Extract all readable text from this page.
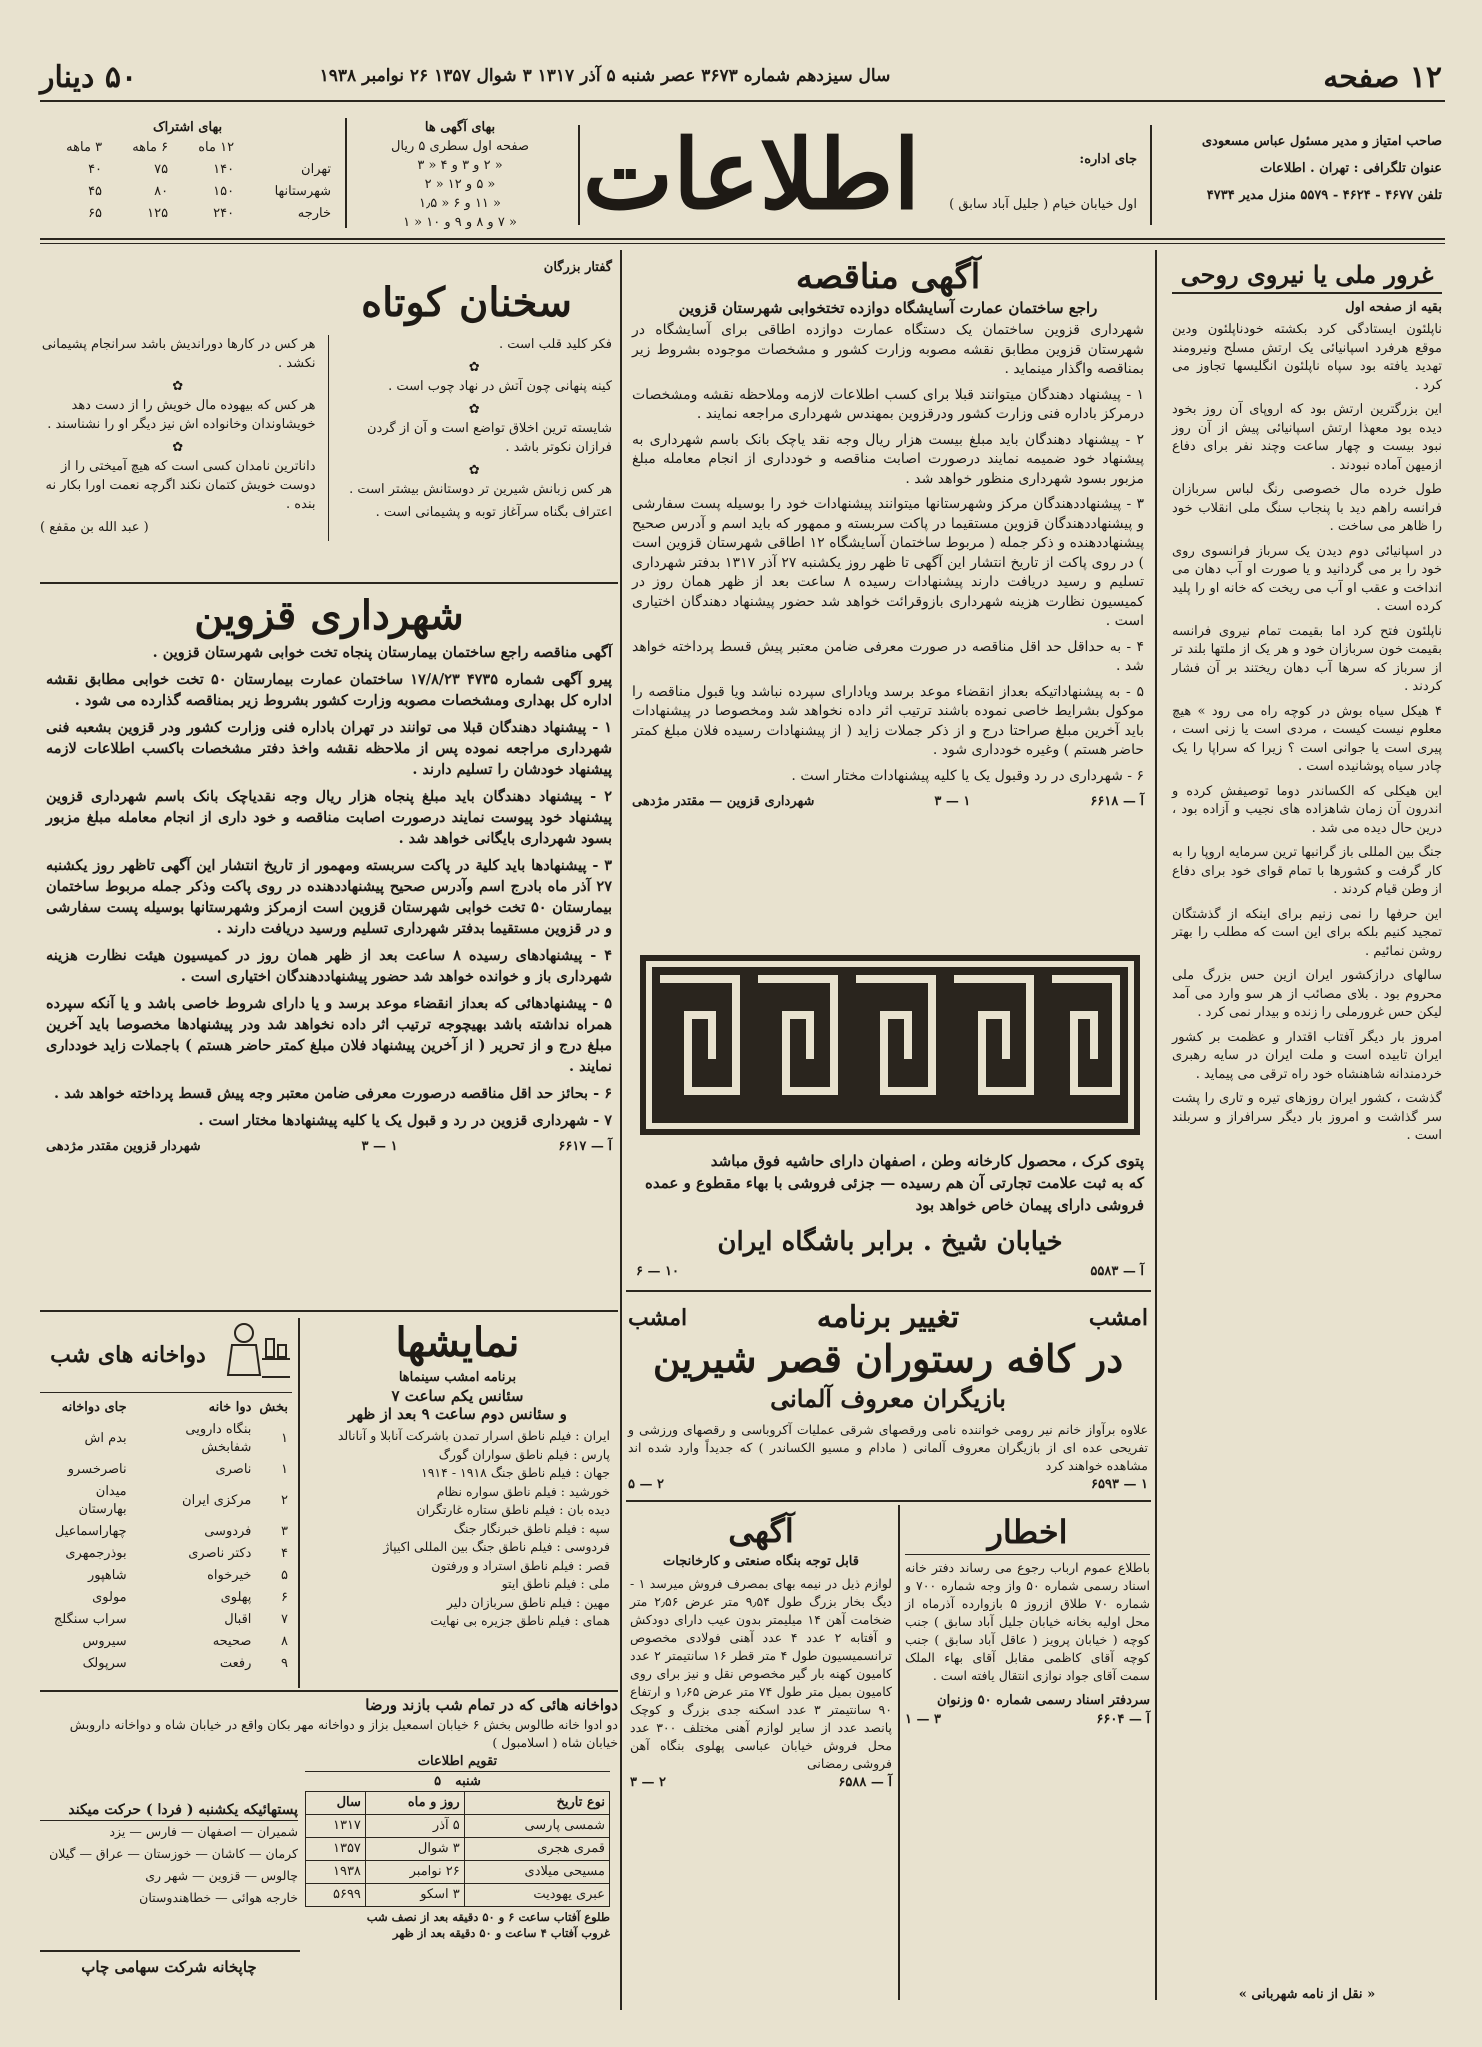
۱۲ صفحه
۵۰ دینار	سال سیزدهم شماره ۳۶۷۳ عصر شنبه ۵ آذر ۱۳۱۷ ۳ شوال ۱۳۵۷ ۲۶ نوامبر ۱۹۳۸
صاحب امتیاز و مدیر مسئول عباس مسعودی
عنوان تلگرافی : تهران . اطلاعات
تلفن ۴۶۷۷ - ۴۶۲۴ - ۵۵۷۹ منزل مدیر ۴۷۳۴
جای اداره:
اول خیابان خیام ( جلیل آباد سابق )
اطلاعات
بهای آگهی ها
صفحه اول سطری ۵ ریال
« ۲ و ۳ و ۴ « ۳
« ۵ و ۱۲ « ۲
« ۱۱ و ۶ « ۱٫۵
« ۷ و ۸ و ۹ و ۱۰ « ۱
بهای اشتراک
	۱۲ ماه	۶ ماهه	۳ ماهه
تهران	۱۴۰	۷۵	۴۰
شهرستانها	۱۵۰	۸۰	۴۵
خارجه	۲۴۰	۱۲۵	۶۵
غرور ملی یا نیروی روحی
بقیه از صفحه اول

ناپلئون ایستادگی کرد بکشته خودناپلئون ودین موقع هرفرد اسپانیائی یک ارتش مسلح ونیرومند تهدید یافته بود سپاه ناپلئون انگلیسها تجاوز می کرد .

این بزرگترین ارتش بود که اروپای آن روز بخود دیده بود معهذا ارتش اسپانیائی پیش از آن روز نبود بیست و چهار ساعت وچند نفر برای دفاع ازمیهن آماده نبودند .

طول خرده مال خصوصی رنگ لباس سربازان فرانسه راهم دید با پنجاب سنگ ملی انقلاب خود را ظاهر می ساخت .

در اسپانیائی دوم دیدن یک سرباز فرانسوی روی خود را بر می گردانید و یا صورت او آب دهان می انداخت و عقب او آب می ریخت که خانه او را پلید کرده است .

ناپلئون فتح کرد اما بقیمت تمام نیروی فرانسه بقیمت خون سربازان خود و هر یک از ملتها بلند تر از سرباز که سرها آب دهان ریختند بر آن فشار کردند .

۴ هیکل سیاه بوش در کوچه راه می رود » هیچ معلوم نیست کیست ، مردی است یا زنی است ، پیری است یا جوانی است ؟ زیرا که سراپا را یک چادر سیاه پوشانیده است .

این هیکلی که الکساندر دوما توصیفش کرده و اندرون آن زمان شاهزاده های نجیب و آزاده بود ، درین حال دیده می شد .

جنگ بین المللی باز گرانبها ترین سرمایه اروپا را به کار گرفت و کشورها با تمام قوای خود برای دفاع از وطن قیام کردند .

این حرفها را نمی زنیم برای اینکه از گذشتگان تمجید کنیم بلکه برای این است که مطلب را بهتر روشن نمائیم .

سالهای درازکشور ایران ازین حس بزرگ ملی محروم بود . بلای مصائب از هر سو وارد می آمد لیکن حس غرورملی را زنده و بیدار نمی کرد .

امروز بار دیگر آفتاب اقتدار و عظمت بر کشور ایران تابیده است و ملت ایران در سایه رهبری خردمندانه شاهنشاه خود راه ترقی می پیماید .

گذشت ، کشور ایران روزهای تیره و تاری را پشت سر گذاشت و امروز بار دیگر سرافراز و سربلند است .

« نقل از نامه شهربانی »
آگهی مناقصه
راجع ساختمان عمارت آسایشگاه دوازده تختخوابی شهرستان قزوین

شهرداری قزوین ساختمان یک دستگاه عمارت دوازده اطاقی برای آسایشگاه در شهرستان قزوین مطابق نقشه مصوبه وزارت کشور و مشخصات موجوده بشروط زیر بمناقصه واگذار مینماید .

۱ - پیشنهاد دهندگان میتوانند قبلا برای کسب اطلاعات لازمه وملاحظه نقشه ومشخصات درمرکز باداره فنی وزارت کشور ودرقزوین بمهندس شهرداری مراجعه نمایند .

۲ - پیشنهاد دهندگان باید مبلغ بیست هزار ریال وجه نقد یاچک بانک باسم شهرداری به پیشنهاد خود ضمیمه نمایند درصورت اصابت مناقصه و خودداری از انجام معامله مبلغ مزبور بسود شهرداری منظور خواهد شد .

۳ - پیشنهاددهندگان مرکز وشهرستانها میتوانند پیشنهادات خود را بوسیله پست سفارشی و پیشنهاددهندگان قزوین مستقیما در پاکت سربسته و ممهور که باید اسم و آدرس صحیح پیشنهاددهنده و ذکر جمله ( مربوط ساختمان آسایشگاه ۱۲ اطاقی شهرستان قزوین است ) در روی پاکت از تاریخ انتشار این آگهی تا ظهر روز یکشنبه ۲۷ آذر ۱۳۱۷ بدفتر شهرداری تسلیم و رسید دریافت دارند پیشنهادات رسیده ۸ ساعت بعد از ظهر همان روز در کمیسیون نظارت هزینه شهرداری بازوقرائت خواهد شد حضور پیشنهاد دهندگان اختیاری است .

۴ - به حداقل حد اقل مناقصه در صورت معرفی ضامن معتبر پیش قسط پرداخته خواهد شد .

۵ - به پیشنهاداتیکه بعداز انقضاء موعد برسد ویادارای سپرده نباشد ویا قبول مناقصه را موکول بشرایط خاصی نموده باشند ترتیب اثر داده نخواهد شد ومخصوصا در پیشنهادات باید آخرین مبلغ صراحتا درج و از ذکر جملات زاید ( از پیشنهادات رسیده فلان مبلغ کمتر حاضر هستم ) وغیره خودداری شود .

۶ - شهرداری در رد وقبول یک یا کلیه پیشنهادات مختار است .

آ — ۶۶۱۸
۱ — ۳
شهرداری قزوین — مقتدر مژدهی
پتوی کرک ، محصول کارخانه وطن ، اصفهان دارای حاشیه فوق مباشد
که به ثبت علامت تجارتی آن هم رسیده — جزئی فروشی با بهاء مقطوع و عمده
فروشی دارای پیمان خاص خواهد بود
خیابان شیخ . برابر باشگاه ایران
آ — ۵۵۸۳
۱۰ — ۶
امشب
تغییر برنامه
امشب
در کافه رستوران قصر شیرین
بازیگران معروف آلمانی
علاوه برآواز خانم نیر رومی خواننده نامی ورقصهای شرقی عملیات آکروباسی و رقصهای ورزشی و تفریحی عده ای از بازیگران معروف آلمانی ( مادام و مسیو الکساندر ) که جدیداً وارد شده اند مشاهده خواهند کرد
۱ — ۶۵۹۳
۲ — ۵
اخطار
باطلاع عموم ارباب رجوع می رساند دفتر خانه اسناد رسمی شماره ۵۰ واز وجه شماره ۷۰۰ و شماره ۷۰ طلاق ازروز ۵ بازوارده آذرماه از محل اولیه بخانه خیابان جلیل آباد سابق ) جنب کوچه ( خیابان پرویز ( عاقل آباد سابق ) جنب کوچه آقای کاظمی مقابل آقای بهاء الملک سمت آقای جواد نوازی انتقال یافته است .
سردفتر اسناد رسمی شماره ۵۰ وزنوان
آ — ۶۶۰۴
۳ — ۱
آگهی
قابل توجه بنگاه صنعتی و کارخانجات
لوازم ذیل در نیمه بهای بمصرف فروش میرسد ۱ - دیگ بخار بزرگ طول ۹٫۵۴ متر عرض ۲٫۵۶ متر ضخامت آهن ۱۴ میلیمتر بدون عیب دارای دودکش و آفتابه ۲ عدد ۴ عدد آهنی فولادی مخصوص ترانسمیسیون طول ۴ متر قطر ۱۶ سانتیمتر ۲ عدد کامیون کهنه بار گیر مخصوص نقل و نیز برای روی کامیون بمیل متر طول ۷۴ متر عرض ۱٫۶۵ و ارتفاع ۹۰ سانتیمتر ۳ عدد اسکنه جدی بزرگ و کوچک پانصد عدد از سایر لوازم آهنی مختلف ۳۰۰ عدد محل فروش خیابان عباسی پهلوی بنگاه آهن فروشی رمضانی
آ — ۶۵۸۸
۲ — ۳
گفتار بزرگان
سخنان کوتاه

فکر کلید قلب است .

✿

کینه پنهانی چون آتش در نهاد چوب است .

✿

شایسته ترین اخلاق تواضع است و آن از گردن فرازان نکوتر باشد .

✿

هر کس زبانش شیرین تر دوستانش بیشتر است .

اعتراف بگناه سرآغاز توبه و پشیمانی است .

هر کس در کارها دوراندیش باشد سرانجام پشیمانی نکشد .

✿

هر کس که بیهوده مال خویش را از دست دهد خویشاوندان وخانواده اش نیز دیگر او را نشناسند .

✿

داناترین نامدان کسی است که هیچ آمیختی را از دوست خویش کتمان نکند اگرچه نعمت اورا بکار نه بنده .

( عبد الله بن مقفع )

شهرداری قزوین

آگهی مناقصه راجع ساختمان بیمارستان پنجاه تخت خوابی شهرستان قزوین .

پیرو آگهی شماره ۴۷۳۵ ۱۷/۸/۲۳ ساختمان عمارت بیمارستان ۵۰ تخت خوابی مطابق نقشه اداره کل بهداری ومشخصات مصوبه وزارت کشور بشروط زیر بمناقصه گذارده می شود .

۱ - پیشنهاد دهندگان قبلا می توانند در تهران باداره فنی وزارت کشور ودر قزوین بشعبه فنی شهرداری مراجعه نموده پس از ملاحظه نقشه واخذ دفتر مشخصات باکسب اطلاعات لازمه پیشنهاد خودشان را تسلیم دارند .

۲ - پیشنهاد دهندگان باید مبلغ پنجاه هزار ریال وجه نقدیاچک بانک باسم شهرداری قزوین پیشنهاد خود پیوست نمایند درصورت اصابت مناقصه و خود داری از انجام معامله مبلغ مزبور بسود شهرداری بایگانی خواهد شد .

۳ - پیشنهادها باید کلیة در پاکت سربسته ومهمور از تاریخ انتشار این آگهی تاظهر روز یکشنبه ۲۷ آذر ماه بادرج اسم وآدرس صحیح پیشنهاددهنده در روی پاکت وذکر جمله مربوط ساختمان بیمارستان ۵۰ تخت خوابی شهرستان قزوین است ازمرکز وشهرستانها بوسیله پست سفارشی و در قزوین مستقیما بدفتر شهرداری تسلیم ورسید دریافت دارند .

۴ - پیشنهادهای رسیده ۸ ساعت بعد از ظهر همان روز در کمیسیون هیئت نظارت هزینه شهرداری باز و خوانده خواهد شد حضور پیشنهاددهندگان اختیاری است .

۵ - پیشنهادهائی که بعداز انقضاء موعد برسد و یا دارای شروط خاصی باشد و یا آنکه سپرده همراه نداشته باشد بهیچوجه ترتیب اثر داده نخواهد شد ودر پیشنهادها مخصوصا باید آخرین مبلغ درج و از تحریر ( از آخرین پیشنهاد فلان مبلغ کمتر حاضر هستم ) باجملات زاید خودداری نمایند .

۶ - بحائز حد اقل مناقصه درصورت معرفی ضامن معتبر وجه پیش قسط پرداخته خواهد شد .

۷ - شهرداری قزوین در رد و قبول یک یا کلیه پیشنهادها مختار است .

آ — ۶۶۱۷
۱ — ۳
شهردار قزوین مقتدر مژدهی
نمایشها
برنامه امشب سینماها
سئانس یکم ساعت ۷
و سئانس دوم ساعت ۹ بعد از ظهر
ایران : فیلم ناطق اسرار تمدن باشرکت آنابلا و آنانالد
پارس : فیلم ناطق سواران گورگ
جهان : فیلم ناطق جنگ ۱۹۱۸ - ۱۹۱۴
خورشید : فیلم ناطق سواره نظام
دیده بان : فیلم ناطق ستاره غارتگران
سپه : فیلم ناطق خبرنگار جنگ
فردوسی : فیلم ناطق جنگ بین المللی اکیپاژ
قصر : فیلم ناطق استراد و ورفتون
ملی : فیلم ناطق ایتو
مهین : فیلم ناطق سربازان دلیر
همای : فیلم ناطق جزیره بی نهایت
دواخانه های شب
بخش	دوا خانه	جای دواخانه
۱	بنگاه دارویی شفابخش	بدم اش
۱	ناصری	ناصرخسرو
۲	مرکزی ایران	میدان بهارستان
۳	فردوسی	چهاراسماعیل
۴	دکتر ناصری	بوذرجمهری
۵	خیرخواه	شاهپور
۶	پهلوی	مولوی
۷	اقبال	سراب سنگلج
۸	صحیحه	سیروس
۹	رفعت	سرپولک
دواخانه هائی که در تمام شب بازند ورضا
دو ادوا خانه طالوس بخش ۶ خیابان اسمعیل بزاز و دواخانه مهر بکان واقع در خیابان شاه و دواخانه داروبش خیابان شاه ( اسلامبول )
تقویم اطلاعات
شنبه
۵
نوع تاریخ	روز و ماه	سال
شمسی پارسی	۵ آذر	۱۳۱۷
قمری هجری	۳ شوال	۱۳۵۷
مسیحی میلادی	۲۶ نوامبر	۱۹۳۸
عبری یهودیت	۳ اسکو	۵۶۹۹
طلوع آفتاب ساعت ۶ و ۵۰ دقیقه بعد از نصف شب
غروب آفتاب ۴ ساعت و ۵۰ دقیقه بعد از ظهر
پستهائیکه یکشنبه ( فردا ) حرکت میکند
شمیران — اصفهان — فارس — یزد
کرمان — کاشان — خوزستان — عراق — گیلان
چالوس — قزوین — شهر ری
خارجه هوائی — خطاهندوستان
چاپخانه شرکت سهامی چاپ
